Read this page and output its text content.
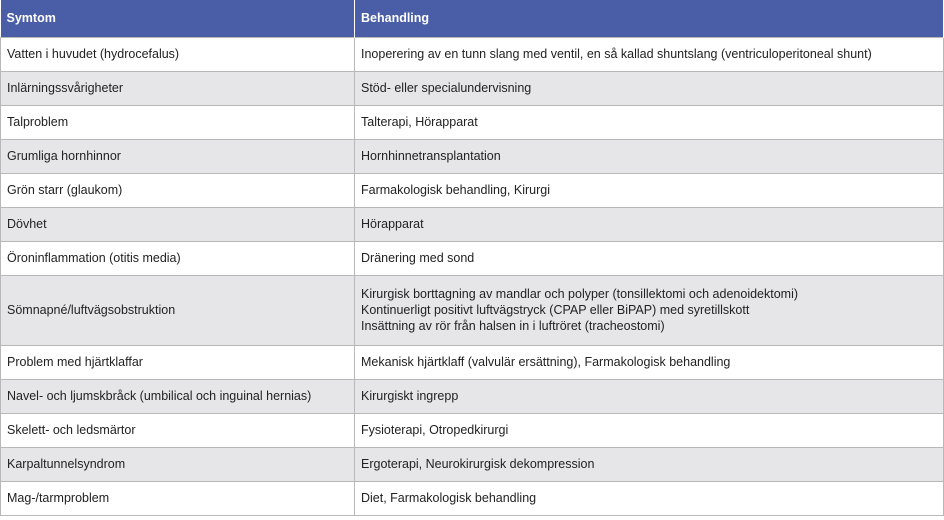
Symtom	Behandling
Vatten i huvudet (hydrocefalus)	Inoperering av en tunn slang med ventil, en så kallad shuntslang (ventriculoperitoneal shunt)

Inlärningssvårigheter	Stöd- eller specialundervisning

Talproblem	Talterapi, Hörapparat

Grumliga hornhinnor	Hornhinnetransplantation

Grön starr (glaukom)	Farmakologisk behandling, Kirurgi

Dövhet	Hörapparat

Öroninflammation (otitis media)	Dränering med sond

Sömnapné/luftvägsobstruktion	Kirurgisk borttagning av mandlar och polyper (tonsillektomi och adenoidektomi)
Kontinuerligt positivt luftvägstryck (CPAP eller BiPAP) med syretillskott
Insättning av rör från halsen in i luftröret (tracheostomi)

Problem med hjärtklaffar	Mekanisk hjärtklaff (valvulär ersättning), Farmakologisk behandling

Navel- och ljumskbråck (umbilical och inguinal hernias)	Kirurgiskt ingrepp

Skelett- och ledsmärtor	Fysioterapi, Otropedkirurgi

Karpaltunnelsyndrom	Ergoterapi, Neurokirurgisk dekompression

Mag-/tarmproblem	Diet, Farmakologisk behandling
